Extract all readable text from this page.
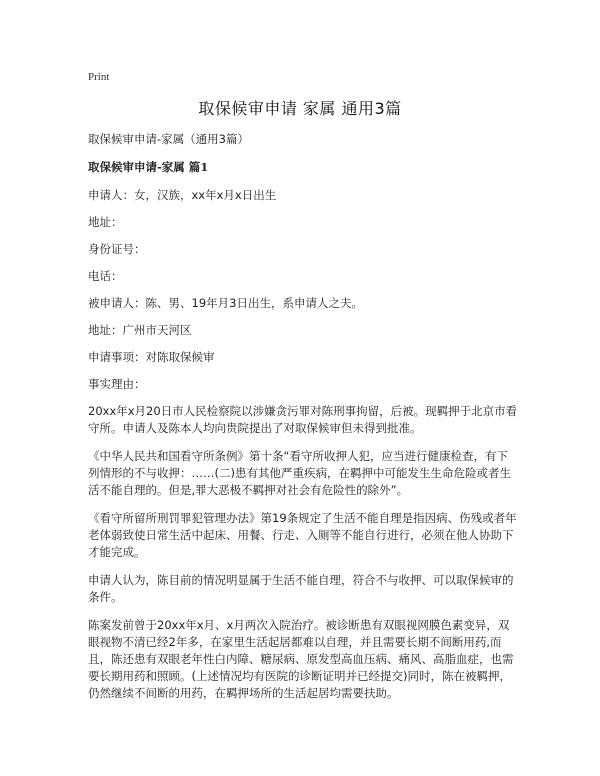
Print
取保候审申请 家属 通用3篇
取保候审申请-家属（通用3篇）
取保候审申请-家属 篇1
申请人：女，汉族，xx年x月x日出生
地址：
身份证号：
电话：
被申请人：陈、男、19年月3日出生，系申请人之夫。
地址：广州市天河区
申请事项：对陈取保候审
事实理由：
20xx年x月20日市人民检察院以涉嫌贪污罪对陈刑事拘留，后被。现羁押于北京市看守所。申请人及陈本人均向贵院提出了对取保候审但未得到批准。
《中华人民共和国看守所条例》第十条“看守所收押人犯，应当进行健康检查，有下列情形的不与收押：……(二)患有其他严重疾病，在羁押中可能发生生命危险或者生活不能自理的。但是,罪大恶极不羁押对社会有危险性的除外”。
《看守所留所刑罚罪犯管理办法》第19条规定了生活不能自理是指因病、伤残或者年老体弱致使日常生活中起床、用餐、行走、入厕等不能自行进行，必须在他人协助下才能完成。
申请人认为，陈目前的情况明显属于生活不能自理，符合不与收押、可以取保候审的条件。
陈案发前曾于20xx年x月、x月两次入院治疗。被诊断患有双眼视网膜色素变异，双眼视物不清已经2年多，在家里生活起居都难以自理，并且需要长期不间断用药,而且，陈还患有双眼老年性白内障、糖尿病、原发型高血压病、痛风、高脂血症，也需要长期用药和照顾。(上述情况均有医院的诊断证明并已经提交)同时，陈在被羁押，仍然继续不间断的用药，在羁押场所的生活起居均需要扶助。
